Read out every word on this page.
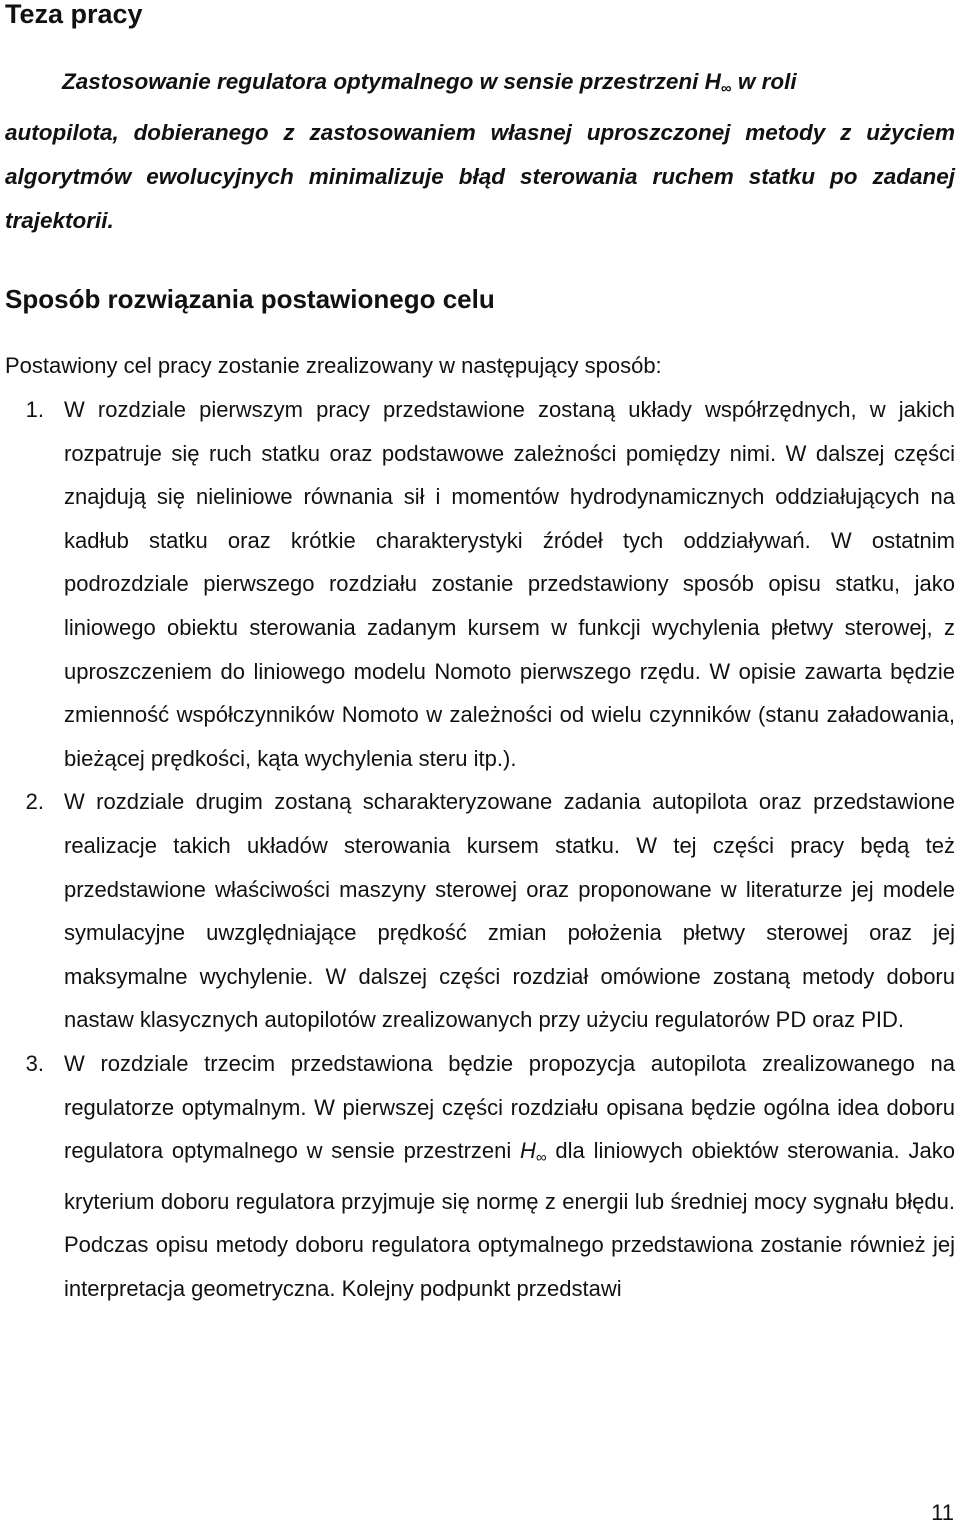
Teza pracy

Zastosowanie regulatora optymalnego w sensie przestrzeni $H_\infty$ w roli
autopilota, dobieranego z zastosowaniem własnej uproszczonej metody z użyciem algorytmów ewolucyjnych minimalizuje błąd sterowania ruchem statku po zadanej trajektorii.

Sposób rozwiązania postawionego celu

Postawiony cel pracy zostanie zrealizowany w następujący sposób:

1. W rozdziale pierwszym pracy przedstawione zostaną układy współrzędnych, w jakich rozpatruje się ruch statku oraz podstawowe zależności pomiędzy nimi. W dalszej części znajdują się nieliniowe równania sił i momentów hydrodynamicznych oddziałujących na kadłub statku oraz krótkie charakterystyki źródeł tych oddziaływań. W ostatnim podrozdziale pierwszego rozdziału zostanie przedstawiony sposób opisu statku, jako liniowego obiektu sterowania zadanym kursem w funkcji wychylenia płetwy sterowej, z uproszczeniem do liniowego modelu Nomoto pierwszego rzędu. W opisie zawarta będzie zmienność współczynników Nomoto w zależności od wielu czynników (stanu załadowania, bieżącej prędkości, kąta wychylenia steru itp.).
2. W rozdziale drugim zostaną scharakteryzowane zadania autopilota oraz przedstawione realizacje takich układów sterowania kursem statku. W tej części pracy będą też przedstawione właściwości maszyny sterowej oraz proponowane w literaturze jej modele symulacyjne uwzględniające prędkość zmian położenia płetwy sterowej oraz jej maksymalne wychylenie. W dalszej części rozdział omówione zostaną metody doboru nastaw klasycznych autopilotów zrealizowanych przy użyciu regulatorów PD oraz PID.
3. W rozdziale trzecim przedstawiona będzie propozycja autopilota zrealizowanego na regulatorze optymalnym. W pierwszej części rozdziału opisana będzie ogólna idea doboru regulatora optymalnego w sensie przestrzeni $H_\infty$ dla liniowych obiektów sterowania. Jako kryterium doboru regulatora przyjmuje się normę z energii lub średniej mocy sygnału błędu. Podczas opisu metody doboru regulatora optymalnego przedstawiona zostanie również jej interpretacja geometryczna. Kolejny podpunkt przedstawi
11
